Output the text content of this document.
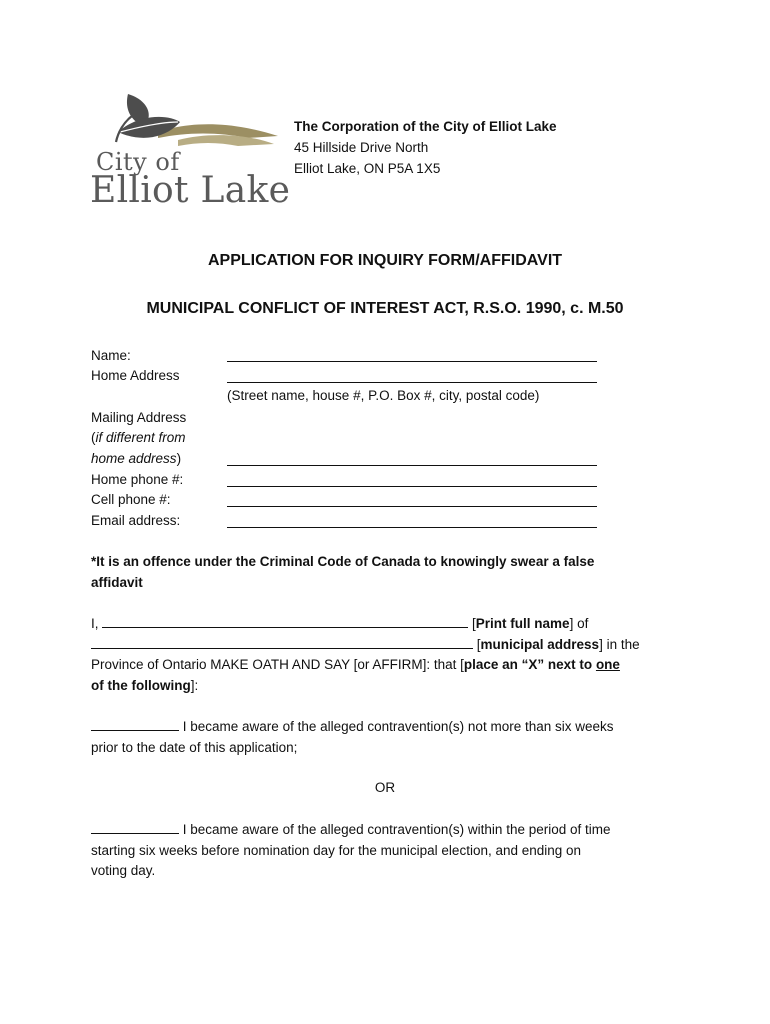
City of
Elliot Lake
The Corporation of the City of Elliot Lake
45 Hillside Drive North
Elliot Lake, ON P5A 1X5
APPLICATION FOR INQUIRY FORM/AFFIDAVIT
MUNICIPAL CONFLICT OF INTEREST ACT, R.S.O. 1990, c. M.50
Name:
Home Address
(Street name, house #, P.O. Box #, city, postal code)
Mailing Address
(if different from
home address)
Home phone #:
Cell phone #:
Email address:
*It is an offence under the Criminal Code of Canada to knowingly swear a false
affidavit
I,	[Print full name] of
[municipal address] in the
Province of Ontario MAKE OATH AND SAY [or AFFIRM]: that [place an “X” next to one
of the following]:
I became aware of the alleged contravention(s) not more than six weeks
prior to the date of this application;
OR
I became aware of the alleged contravention(s) within the period of time
starting six weeks before nomination day for the municipal election, and ending on
voting day.
